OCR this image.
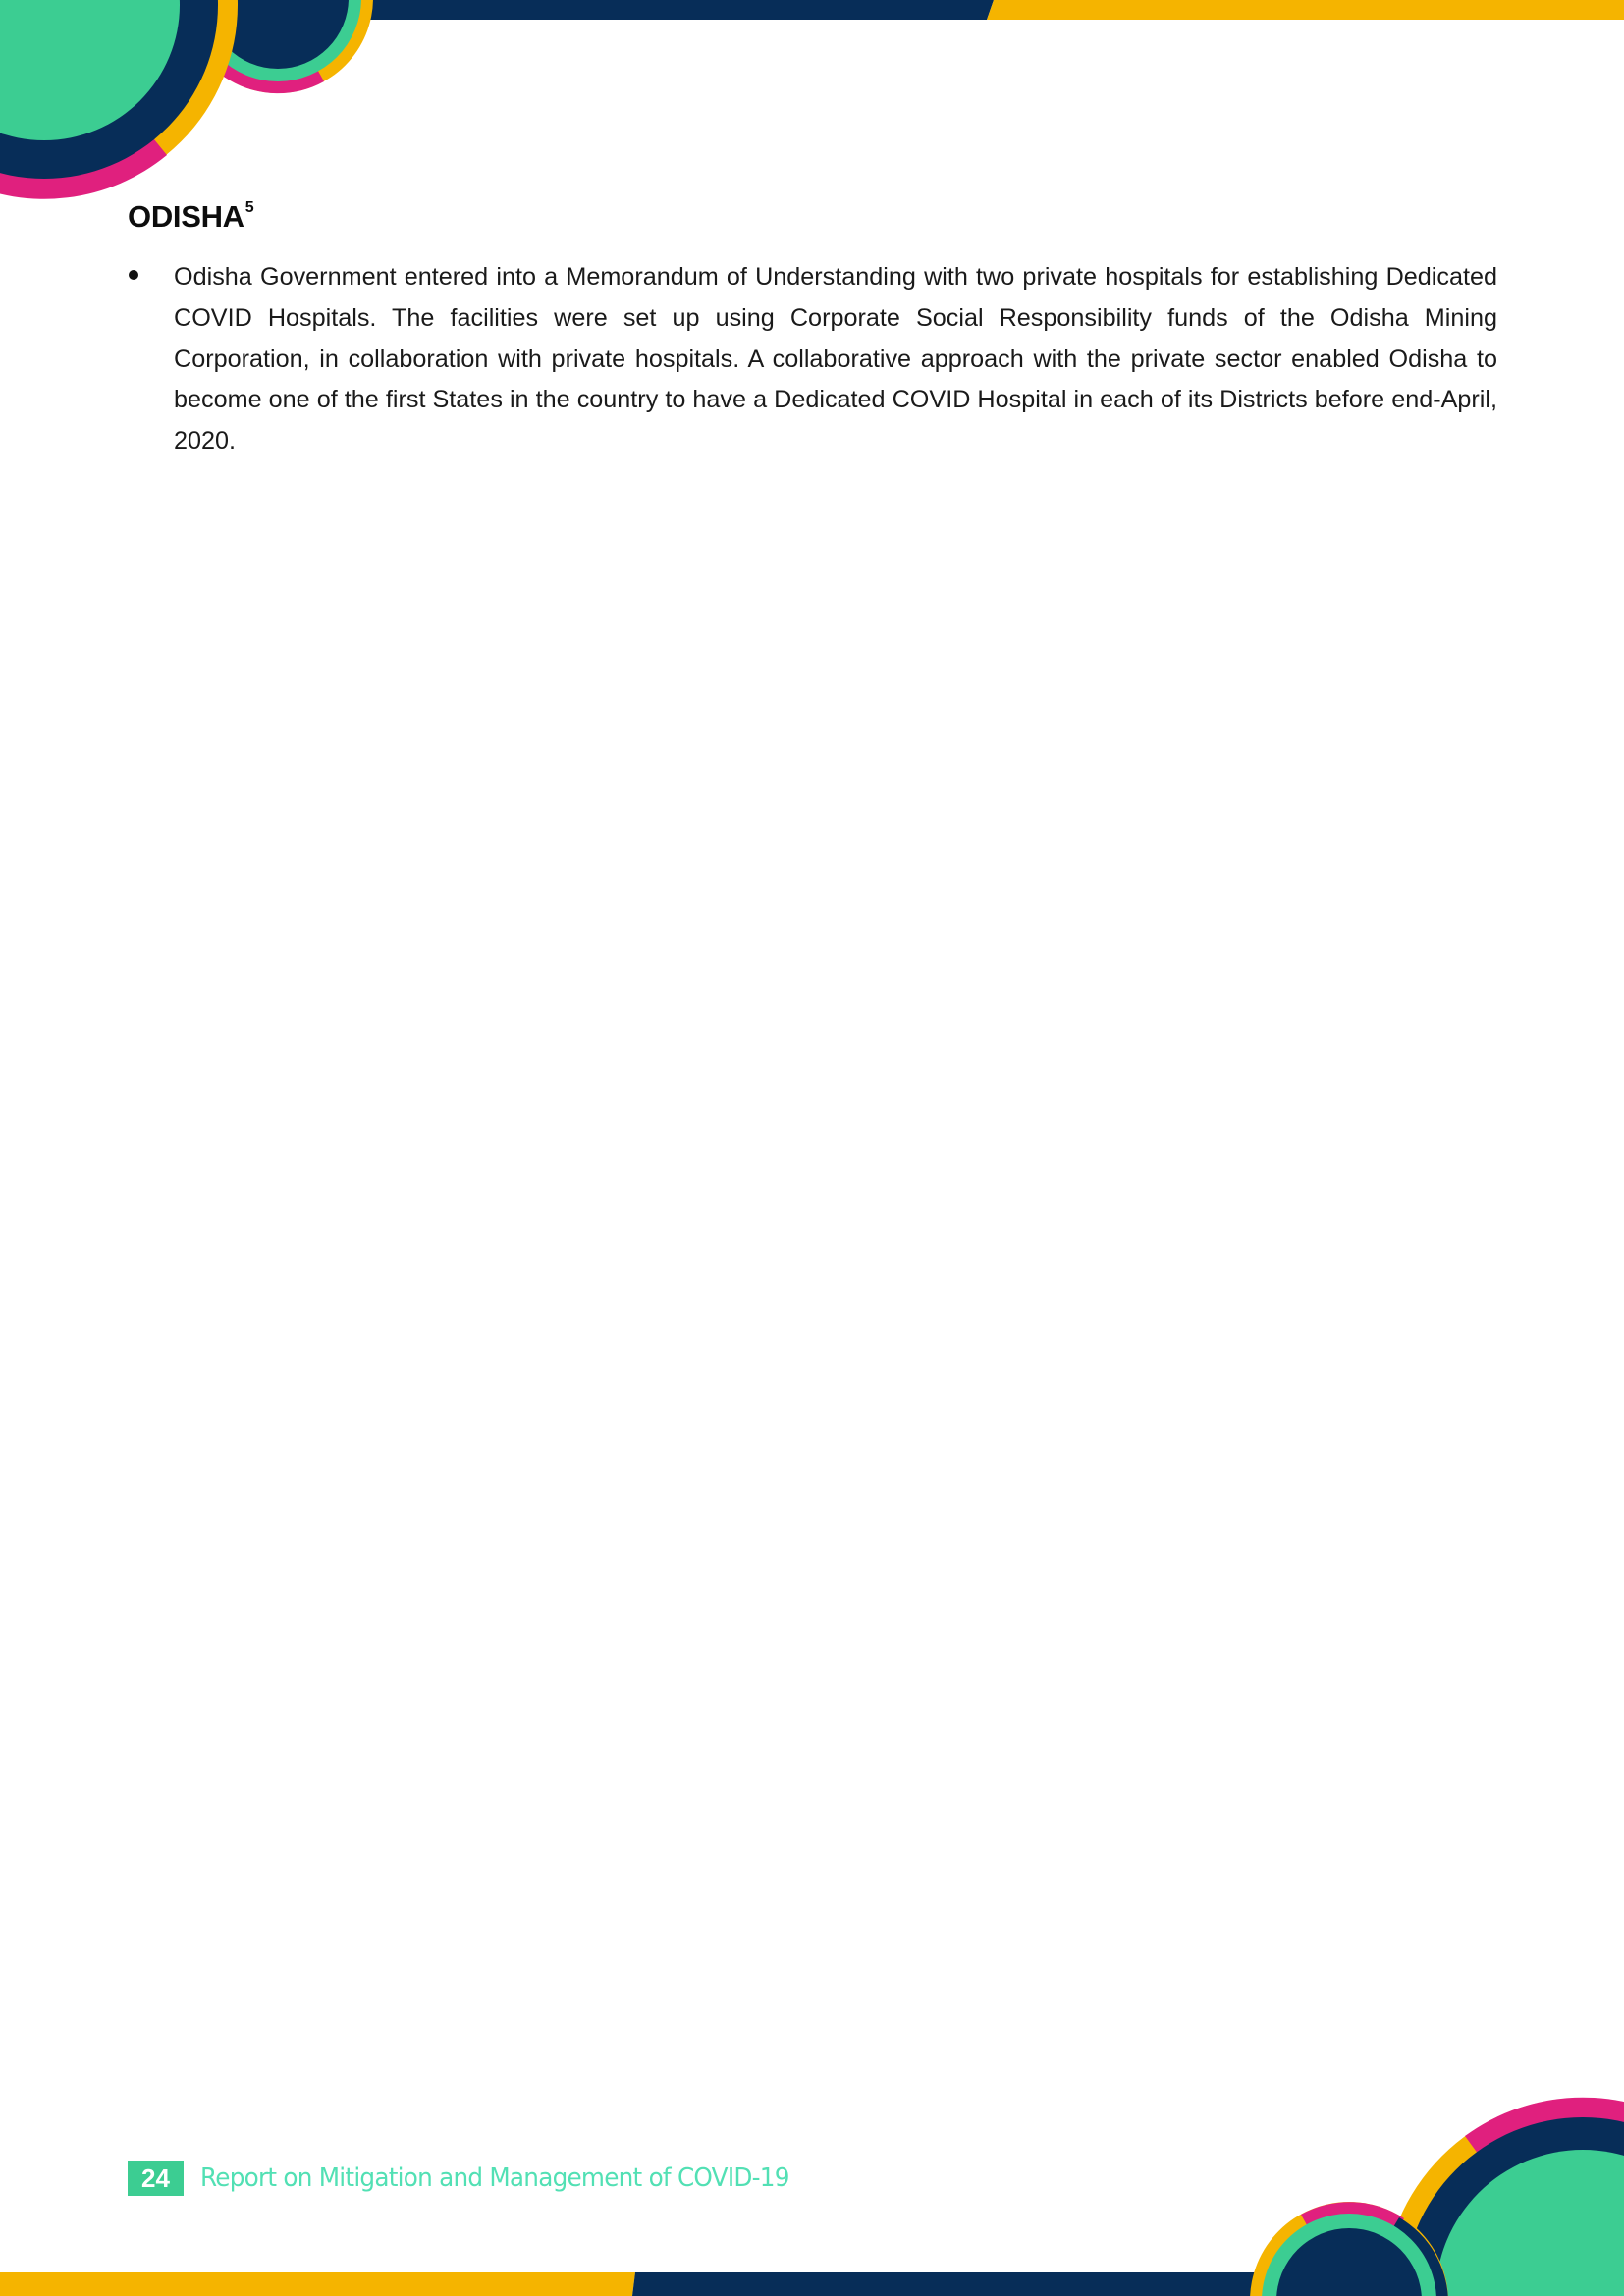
ODISHA$^5$
Odisha Government entered into a Memorandum of Understanding with two private hospitals for establishing Dedicated COVID Hospitals. The facilities were set up using Corporate Social Responsibility funds of the Odisha Mining Corporation, in collaboration with private hospitals. A collaborative approach with the private sector enabled Odisha to become one of the first States in the country to have a Dedicated COVID Hospital in each of its Districts before end-April, 2020.
24	Report on Mitigation and Management of COVID-19
